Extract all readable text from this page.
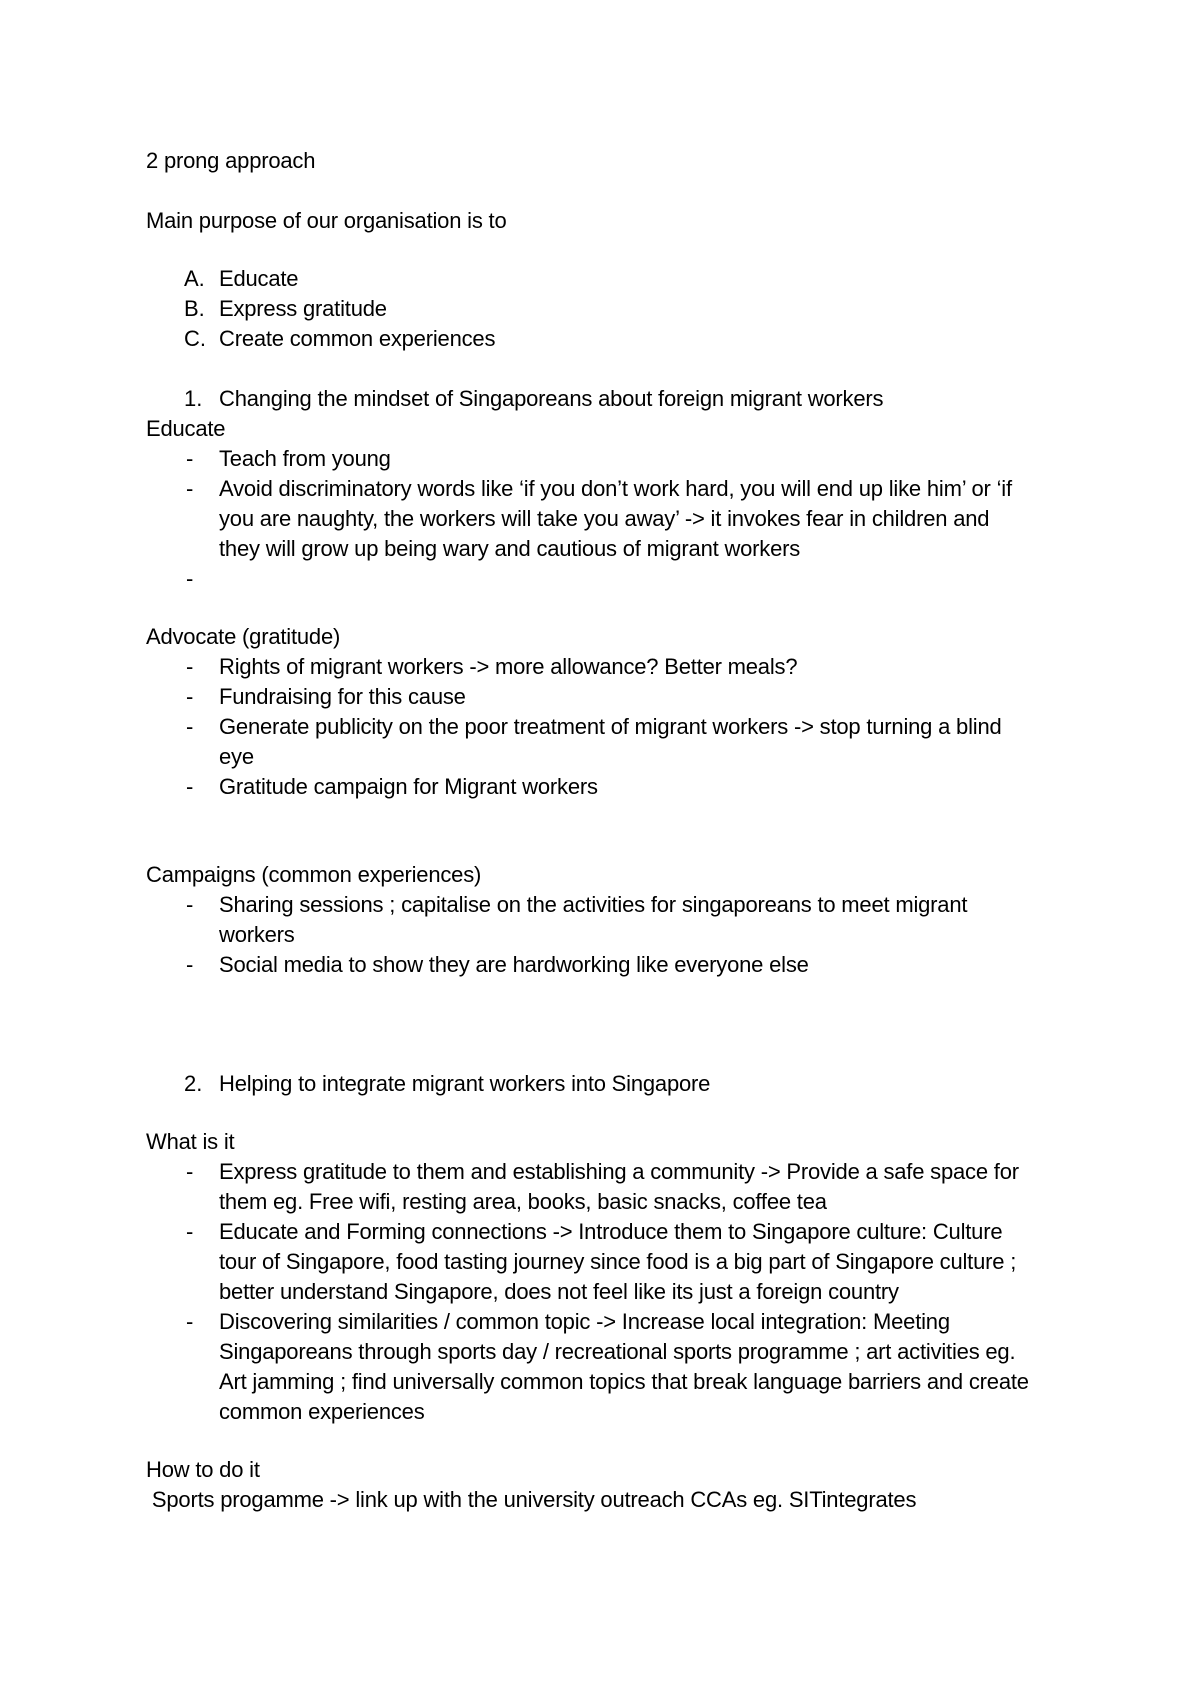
2 prong approach
Main purpose of our organisation is to
A. Educate
B. Express gratitude
C. Create common experiences
1. Changing the mindset of Singaporeans about foreign migrant workers
Educate
- Teach from young
- Avoid discriminatory words like ‘if you don’t work hard, you will end up like him’ or ‘if
you are naughty, the workers will take you away’ -> it invokes fear in children and
they will grow up being wary and cautious of migrant workers
-
Advocate (gratitude)
- Rights of migrant workers -> more allowance? Better meals?
- Fundraising for this cause
- Generate publicity on the poor treatment of migrant workers -> stop turning a blind
eye
- Gratitude campaign for Migrant workers
Campaigns (common experiences)
- Sharing sessions ; capitalise on the activities for singaporeans to meet migrant
workers
- Social media to show they are hardworking like everyone else
2. Helping to integrate migrant workers into Singapore
What is it
- Express gratitude to them and establishing a community -> Provide a safe space for
them eg. Free wifi, resting area, books, basic snacks, coffee tea
- Educate and Forming connections -> Introduce them to Singapore culture: Culture
tour of Singapore, food tasting journey since food is a big part of Singapore culture ;
better understand Singapore, does not feel like its just a foreign country
- Discovering similarities / common topic -> Increase local integration: Meeting
Singaporeans through sports day / recreational sports programme ; art activities eg.
Art jamming ; find universally common topics that break language barriers and create
common experiences
How to do it
Sports progamme -> link up with the university outreach CCAs eg. SITintegrates
